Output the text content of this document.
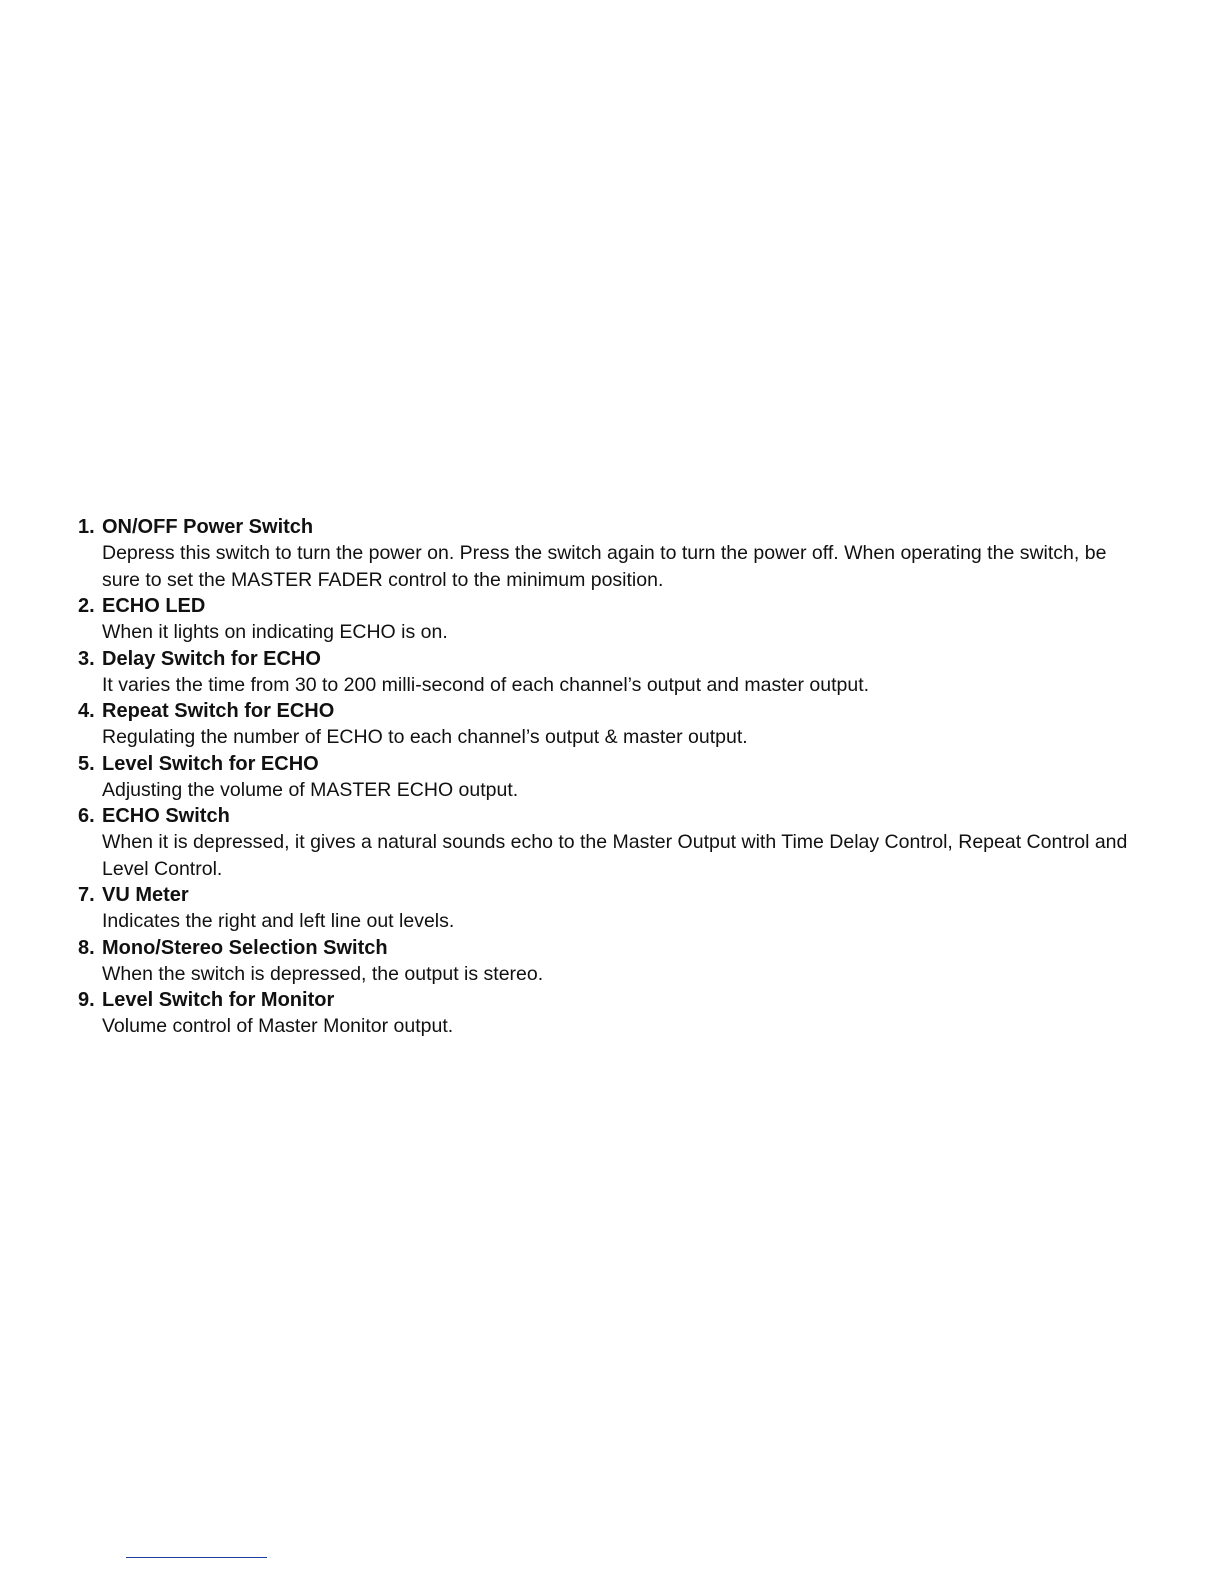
1. ON/OFF Power Switch
Depress this switch to turn the power on. Press the switch again to turn the power off. When operating the switch, be sure to set the MASTER FADER control to the minimum position.
2. ECHO LED
When it lights on indicating ECHO is on.
3. Delay Switch for ECHO
It varies the time from 30 to 200 milli-second of each channel’s output and master output.
4. Repeat Switch for ECHO
Regulating the number of ECHO to each channel’s output & master output.
5. Level Switch for ECHO
Adjusting the volume of MASTER ECHO output.
6. ECHO Switch
When it is depressed, it gives a natural sounds echo to the Master Output with Time Delay Control, Repeat Control and Level Control.
7. VU Meter
Indicates the right and left line out levels.
8. Mono/Stereo Selection Switch
When the switch is depressed, the output is stereo.
9. Level Switch for Monitor
Volume control of Master Monitor output.
